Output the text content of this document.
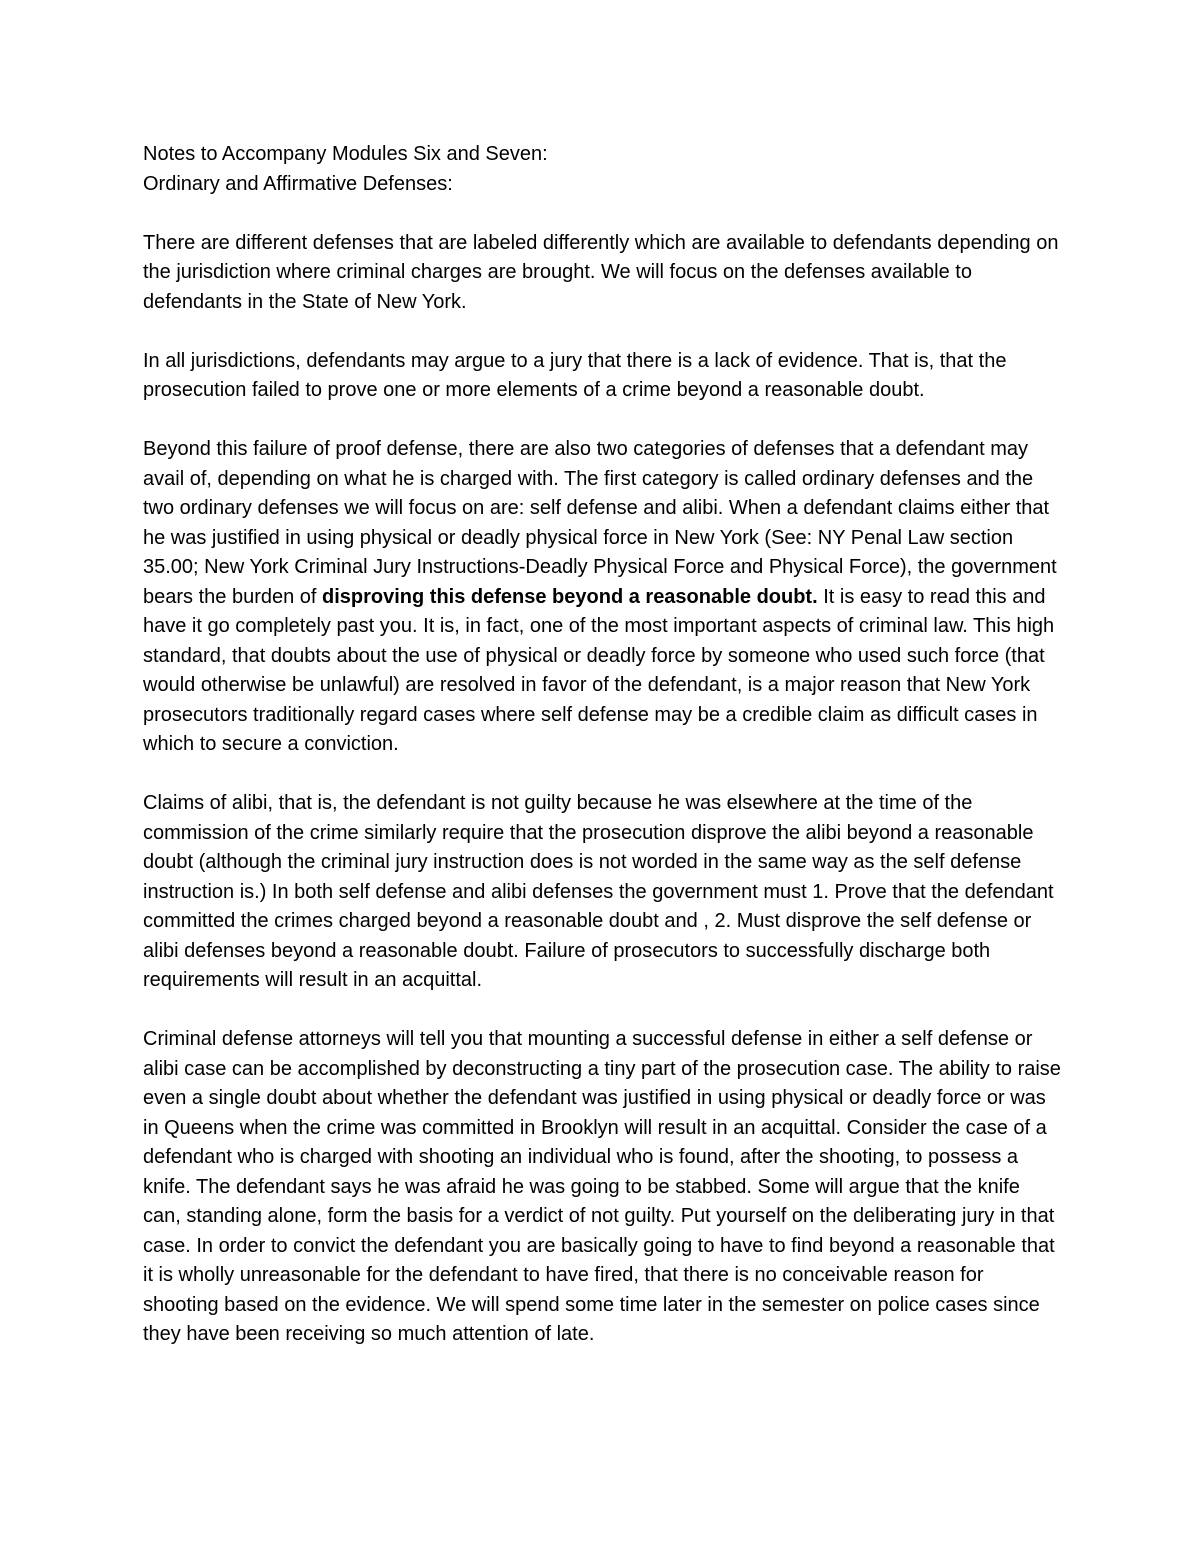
Notes to Accompany Modules Six and Seven:
Ordinary and Affirmative Defenses:

There are different defenses that are labeled differently which are available to defendants depending on the jurisdiction where criminal charges are brought. We will focus on the defenses available to defendants in the State of New York.

In all jurisdictions, defendants may argue to a jury that there is a lack of evidence. That is, that the prosecution failed to prove one or more elements of a crime beyond a reasonable doubt.

Beyond this failure of proof defense, there are also two categories of defenses that a defendant may avail of, depending on what he is charged with. The first category is called ordinary defenses and the two ordinary defenses we will focus on are: self defense and alibi. When a defendant claims either that he was justified in using physical or deadly physical force in New York (See: NY Penal Law section 35.00; New York Criminal Jury Instructions-Deadly Physical Force and Physical Force), the government bears the burden of disproving this defense beyond a reasonable doubt. It is easy to read this and have it go completely past you. It is, in fact, one of the most important aspects of criminal law. This high standard, that doubts about the use of physical or deadly force by someone who used such force (that would otherwise be unlawful) are resolved in favor of the defendant, is a major reason that New York prosecutors traditionally regard cases where self defense may be a credible claim as difficult cases in which to secure a conviction.

Claims of alibi, that is, the defendant is not guilty because he was elsewhere at the time of the commission of the crime similarly require that the prosecution disprove the alibi beyond a reasonable doubt (although the criminal jury instruction does is not worded in the same way as the self defense instruction is.) In both self defense and alibi defenses the government must 1. Prove that the defendant committed the crimes charged beyond a reasonable doubt and , 2. Must disprove the self defense or alibi defenses beyond a reasonable doubt. Failure of prosecutors to successfully discharge both requirements will result in an acquittal.

Criminal defense attorneys will tell you that mounting a successful defense in either a self defense or alibi case can be accomplished by deconstructing a tiny part of the prosecution case. The ability to raise even a single doubt about whether the defendant was justified in using physical or deadly force or was in Queens when the crime was committed in Brooklyn will result in an acquittal. Consider the case of a defendant who is charged with shooting an individual who is found, after the shooting, to possess a knife. The defendant says he was afraid he was going to be stabbed. Some will argue that the knife can, standing alone, form the basis for a verdict of not guilty. Put yourself on the deliberating jury in that case. In order to convict the defendant you are basically going to have to find beyond a reasonable that it is wholly unreasonable for the defendant to have fired, that there is no conceivable reason for shooting based on the evidence. We will spend some time later in the semester on police cases since they have been receiving so much attention of late.
